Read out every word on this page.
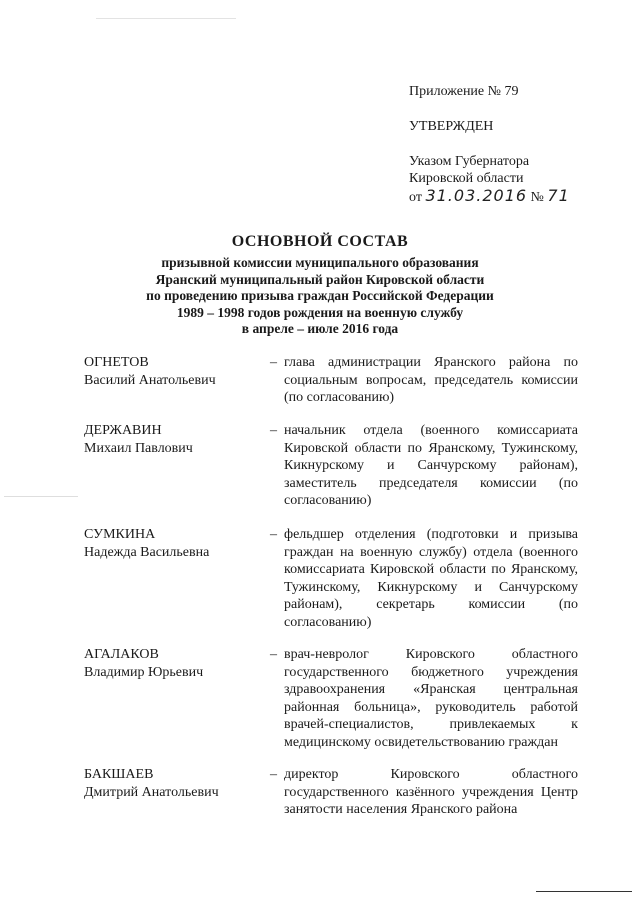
Приложение № 79
УТВЕРЖДЕН
Указом Губернатора
Кировской области
от 31.03.2016 № 71
ОСНОВНОЙ СОСТАВ
призывной комиссии муниципального образования
Яранский муниципальный район Кировской области
по проведению призыва граждан Российской Федерации
1989 – 1998 годов рождения на военную службу
в апреле – июле 2016 года
ОГНЕТОВ
Василий Анатольевич
– глава администрации Яранского района по социальным вопросам, председатель комиссии (по согласованию)
ДЕРЖАВИН
Михаил Павлович
– начальник отдела (военного комиссариата Кировской области по Яранскому, Тужинскому, Кикнурскому и Санчурскому районам), заместитель председателя комиссии (по согласованию)
СУМКИНА
Надежда Васильевна
– фельдшер отделения (подготовки и призыва граждан на военную службу) отдела (военного комиссариата Кировской области по Яранскому, Тужинскому, Кикнурскому и Санчурскому районам), секретарь комиссии (по согласованию)
АГАЛАКОВ
Владимир Юрьевич
– врач-невролог Кировского областного государственного бюджетного учреждения здравоохранения «Яранская центральная районная больница», руководитель работой врачей-специалистов, привлекаемых к медицинскому освидетельствованию граждан
БАКШАЕВ
Дмитрий Анатольевич
– директор Кировского областного государственного казённого учреждения Центр занятости населения Яранского района
